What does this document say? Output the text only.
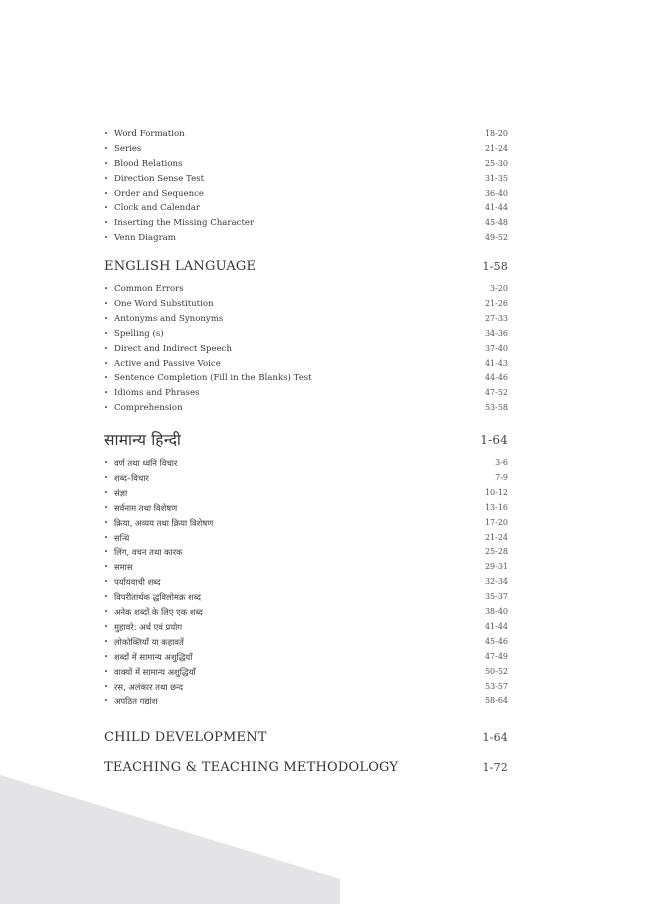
• Word Formation	18-20
• Series	21-24
• Blood Relations	25-30
• Direction Sense Test	31-35
• Order and Sequence	36-40
• Clock and Calendar	41-44
• Inserting the Missing Character	45-48
• Venn Diagram	49-52
ENGLISH LANGUAGE	1-58
• Common Errors	3-20
• One Word Substitution	21-26
• Antonyms and Synonyms	27-33
• Spelling (s)	34-36
• Direct and Indirect Speech	37-40
• Active and Passive Voice	41-43
• Sentence Completion (Fill in the Blanks) Test	44-46
• Idioms and Phrases	47-52
• Comprehension	53-58
सामान्य हिन्दी	1-64
• वर्ण तथा ध्वनि विचार	3-6
• शब्द–विचार	7-9
• संज्ञा	10-12
• सर्वनाम तथा विशेषण	13-16
• क्रिया, अव्यय तथा क्रिया विशेषण	17-20
• सन्धि	21-24
• लिंग, वचन तथा कारक	25-28
• समास	29-31
• पर्यायवाची शब्द	32-34
• विपरीतार्थक द्धविलोमक्र शब्द	35-37
• अनेक शब्दों के लिए एक शब्द	38-40
• मुहावरे: अर्थ एवं प्रयोग	41-44
• लोकोक्तियाँ या कहावतें	45-46
• शब्दों में सामान्य अशुद्धियाँ	47-49
• वाक्यों में सामान्य अशुद्धियाँ	50-52
• रस, अलंकार तथा छन्द	53-57
• अपठित गद्यांश	58-64
CHILD DEVELOPMENT	1-64
TEACHING & TEACHING METHODOLOGY	1-72
